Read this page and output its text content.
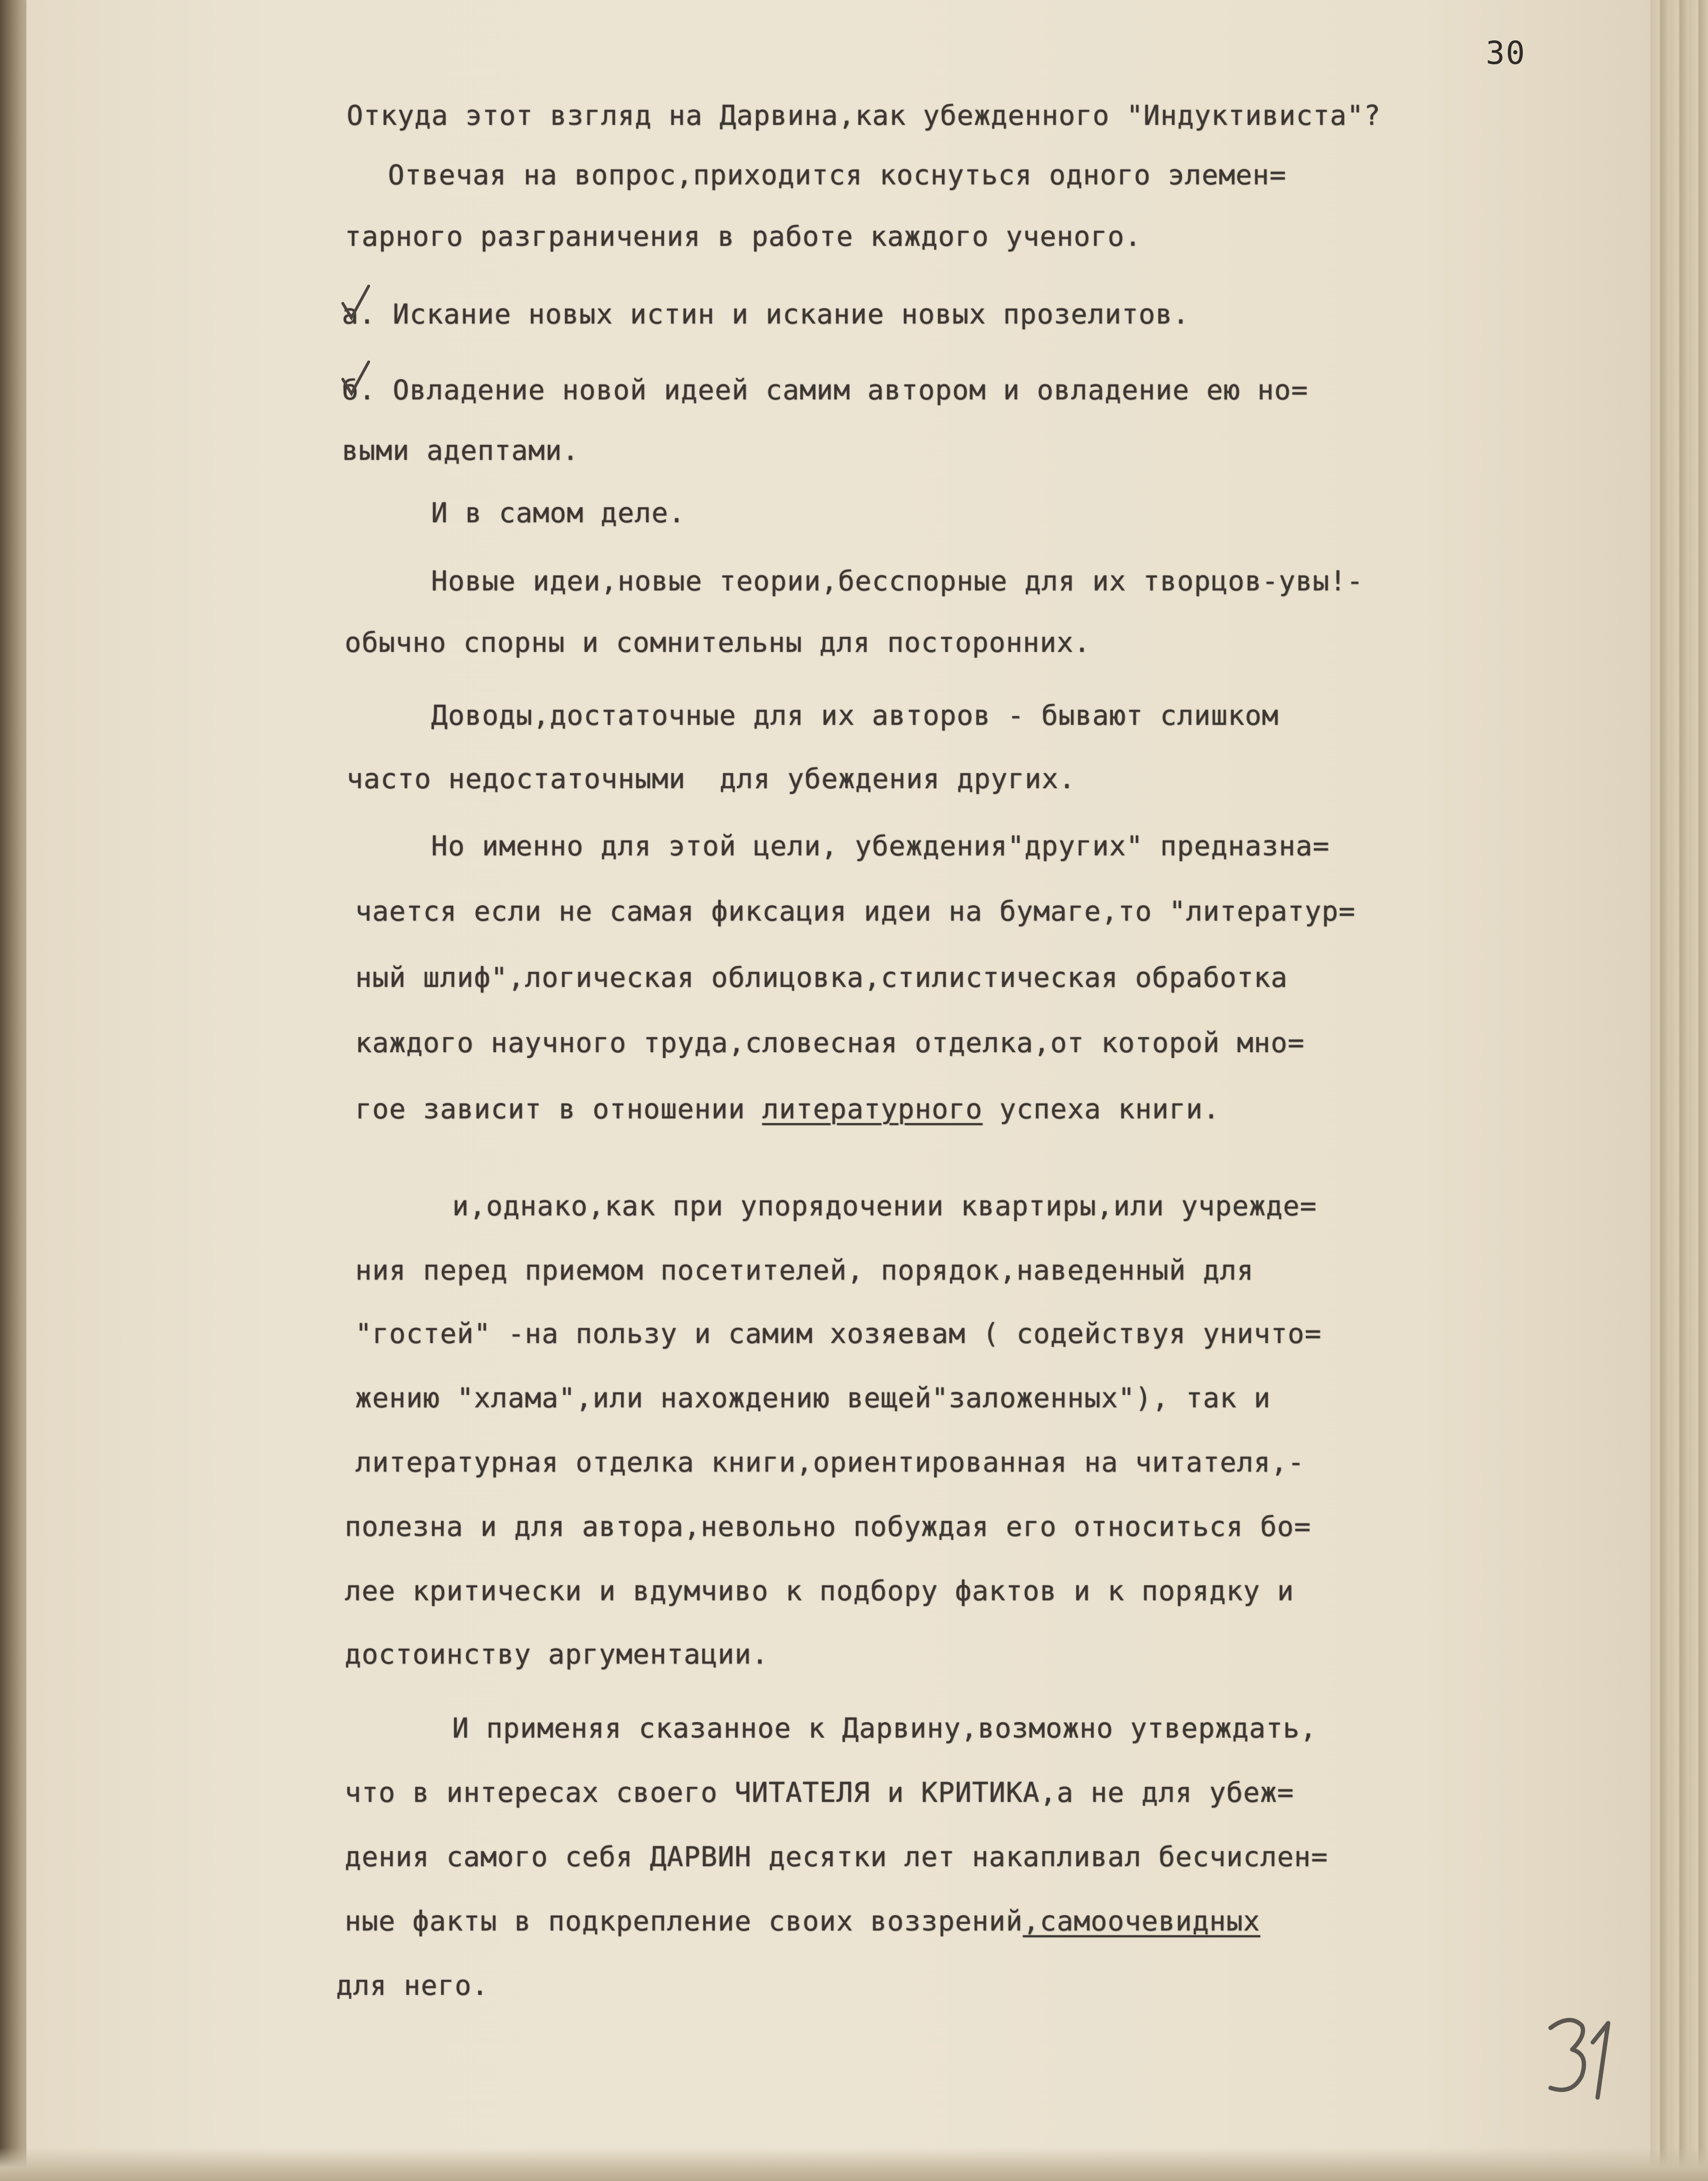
30
Откуда этот взгляд на Дарвина,как убежденного "Индуктивиста"?
Отвечая на вопрос,приходится коснуться одного элемен=
тарного разграничения в работе каждого ученого.
а. Искание новых истин и искание новых прозелитов.
б. Овладение новой идеей самим автором и овладение ею но=
выми адептами.
И в самом деле.
Новые идеи,новые теории,бесспорные для их творцов-увы!-
обычно спорны и сомнительны для посторонних.
Доводы,достаточные для их авторов - бывают слишком
часто недостаточными  для убеждения других.
Но именно для этой цели, убеждения"других" предназна=
чается если не самая фиксация идеи на бумаге,то "литератур=
ный шлиф",логическая облицовка,стилистическая обработка
каждого научного труда,словесная отделка,от которой мно=
гое зависит в отношении литературного успеха книги.
и,однако,как при упорядочении квартиры,или учрежде=
ния перед приемом посетителей, порядок,наведенный для
"гостей" -на пользу и самим хозяевам ( содействуя уничто=
жению "хлама",или нахождению вещей"заложенных"), так и
литературная отделка книги,ориентированная на читателя,-
полезна и для автора,невольно побуждая его относиться бо=
лее критически и вдумчиво к подбору фактов и к порядку и
достоинству аргументации.
И применяя сказанное к Дарвину,возможно утверждать,
что в интересах своего ЧИТАТЕЛЯ и КРИТИКА,а не для убеж=
дения самого себя ДАРВИН десятки лет накапливал бесчислен=
ные факты в подкрепление своих воззрений,самоочевидных
для него.
